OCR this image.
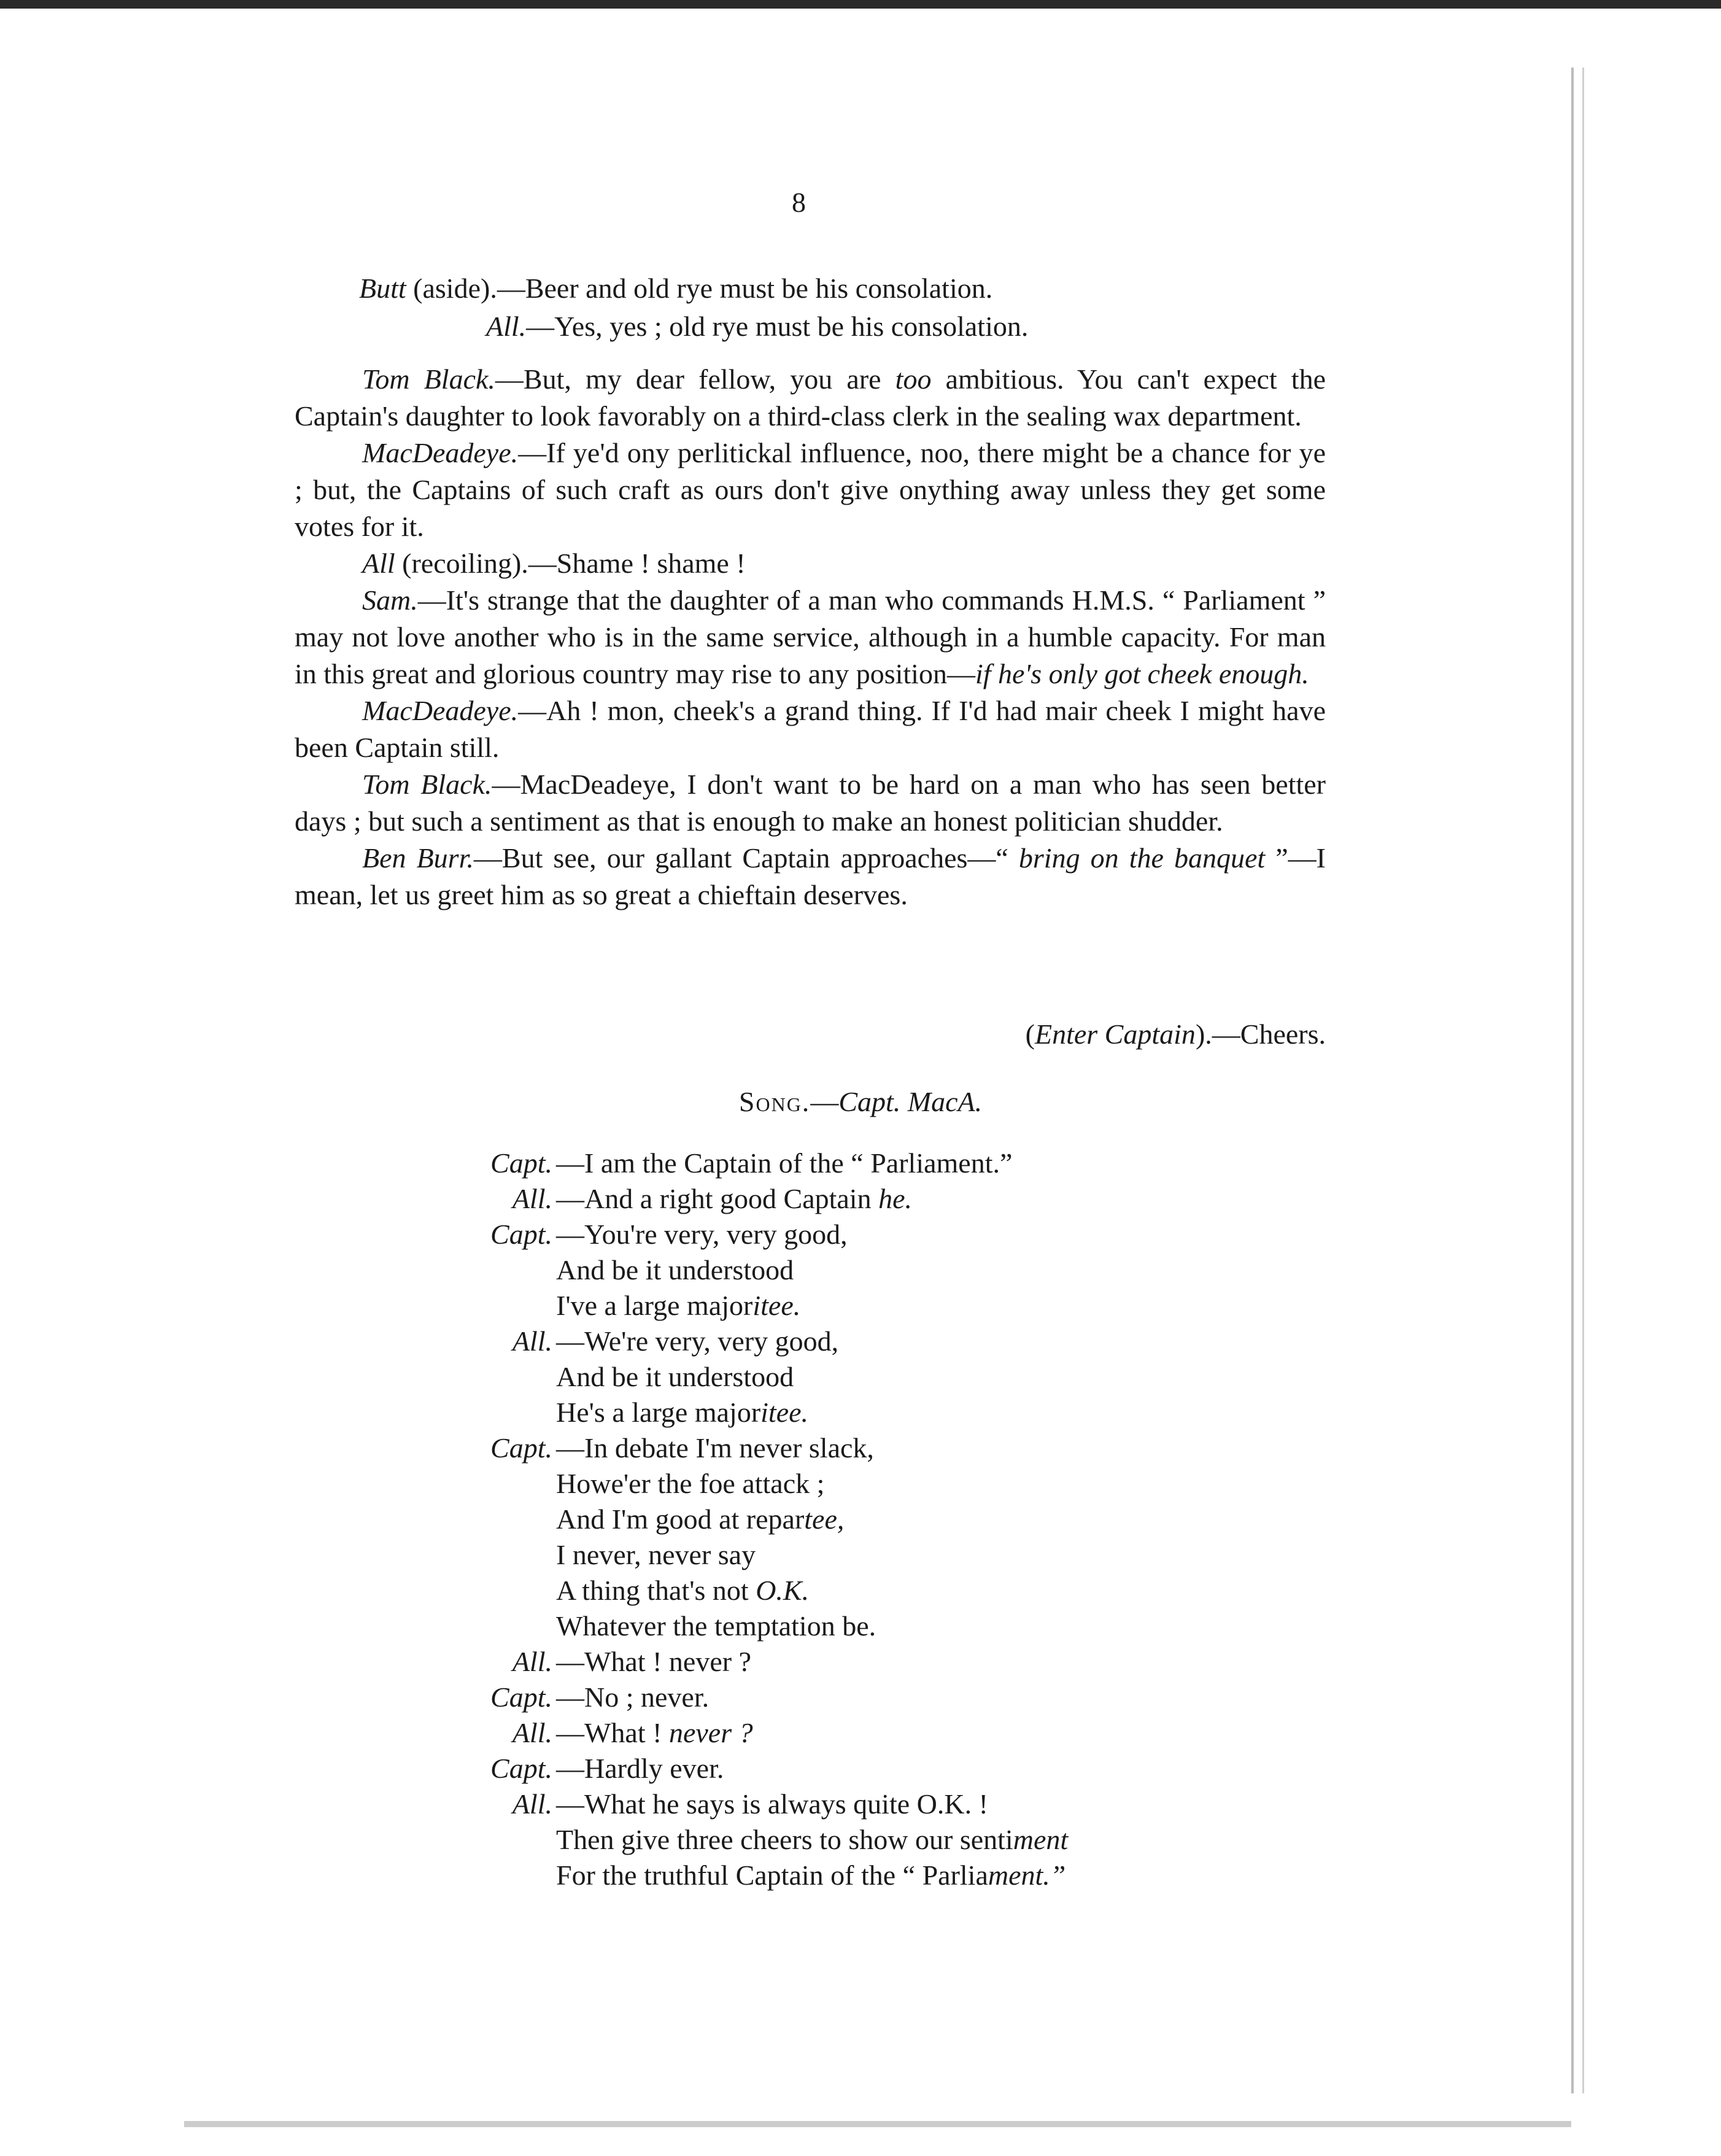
8

Butt (aside).—Beer and old rye must be his consolation.

All.—Yes, yes ; old rye must be his consolation.

Tom Black.—But, my dear fellow, you are too ambitious. You can't expect the Captain's daughter to look favorably on a third-class clerk in the sealing wax department.

MacDeadeye.—If ye'd ony perlitickal influence, noo, there might be a chance for ye ; but, the Captains of such craft as ours don't give onything away unless they get some votes for it.

All (recoiling).—Shame ! shame !

Sam.—It's strange that the daughter of a man who commands H.M.S. “ Parliament ” may not love another who is in the same service, although in a humble capacity. For man in this great and glorious country may rise to any position—if he's only got cheek enough.

MacDeadeye.—Ah ! mon, cheek's a grand thing. If I'd had mair cheek I might have been Captain still.

Tom Black.—MacDeadeye, I don't want to be hard on a man who has seen better days ; but such a sentiment as that is enough to make an honest politician shudder.

Ben Burr.—But see, our gallant Captain approaches—“ bring on the banquet ”—I mean, let us greet him as so great a chieftain deserves.

(Enter Captain).—Cheers.
Song.—Capt. MacA.
Capt. —I am the Captain of the “ Parliament.”
All. —And a right good Captain he.
Capt. —You're very, very good,
And be it understood
I've a large majoritee.
All. —We're very, very good,
And be it understood
He's a large majoritee.
Capt. —In debate I'm never slack,
Howe'er the foe attack ;
And I'm good at repartee,
I never, never say
A thing that's not O.K.
Whatever the temptation be.
All. —What ! never ?
Capt. —No ; never.
All. —What ! never ?
Capt. —Hardly ever.
All. —What he says is always quite O.K. !
Then give three cheers to show our sentiment
For the truthful Captain of the “ Parliament.”
